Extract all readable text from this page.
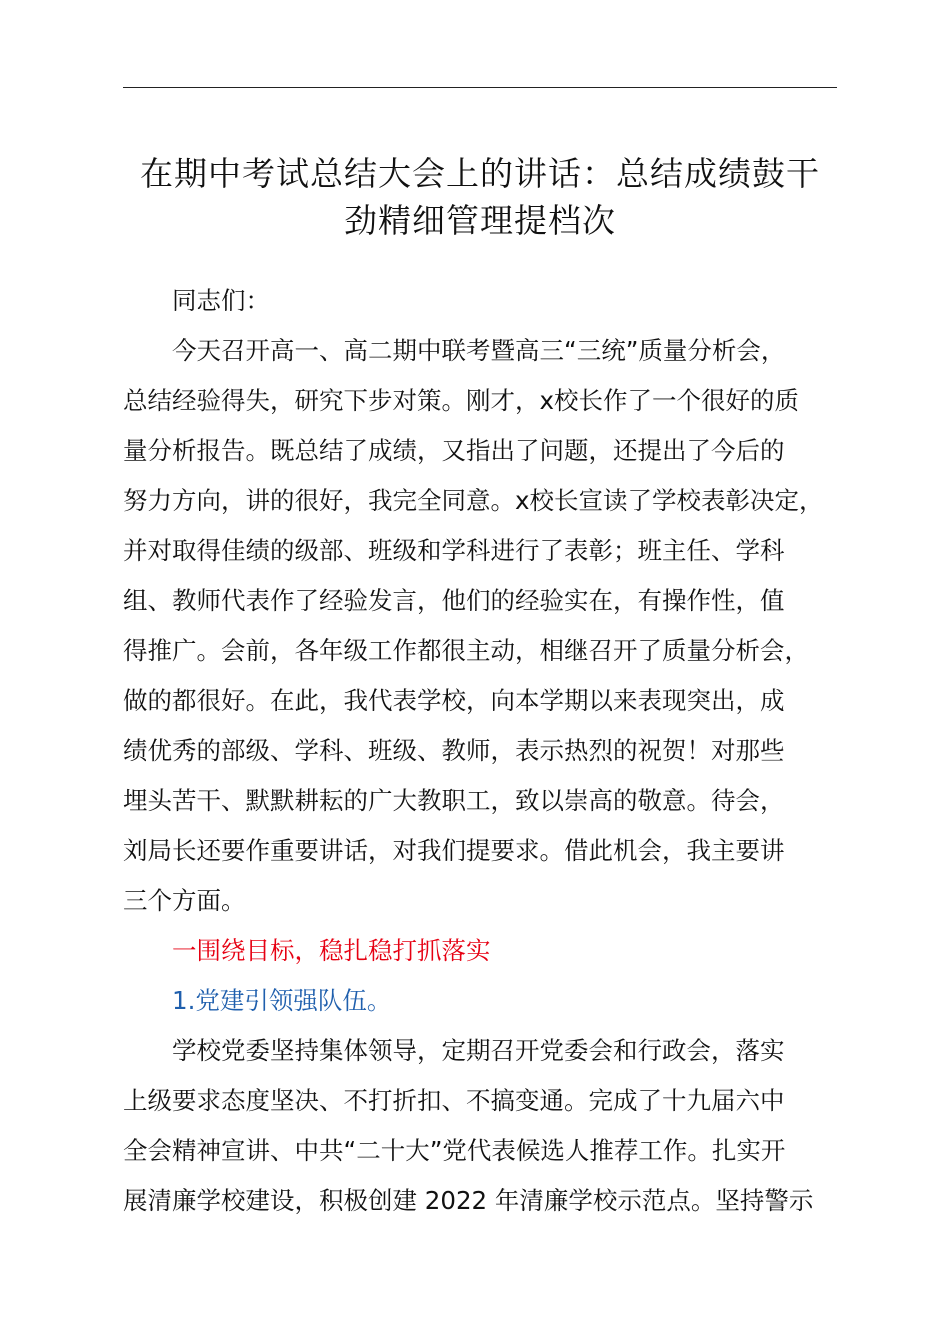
在期中考试总结大会上的讲话：总结成绩鼓干
劲精细管理提档次
同志们：
今天召开高一、高二期中联考暨高三“三统”质量分析会，
总结经验得失，研究下步对策。刚才，x校长作了一个很好的质
量分析报告。既总结了成绩，又指出了问题，还提出了今后的
努力方向，讲的很好，我完全同意。x校长宣读了学校表彰决定，
并对取得佳绩的级部、班级和学科进行了表彰；班主任、学科
组、教师代表作了经验发言，他们的经验实在，有操作性，值
得推广。会前，各年级工作都很主动，相继召开了质量分析会，
做的都很好。在此，我代表学校，向本学期以来表现突出，成
绩优秀的部级、学科、班级、教师，表示热烈的祝贺！对那些
埋头苦干、默默耕耘的广大教职工，致以崇高的敬意。待会，
刘局长还要作重要讲话，对我们提要求。借此机会，我主要讲
三个方面。
一围绕目标，稳扎稳打抓落实
1.党建引领强队伍。
学校党委坚持集体领导，定期召开党委会和行政会，落实
上级要求态度坚决、不打折扣、不搞变通。完成了十九届六中
全会精神宣讲、中共“二十大”党代表候选人推荐工作。扎实开
展清廉学校建设，积极创建 2022 年清廉学校示范点。坚持警示
